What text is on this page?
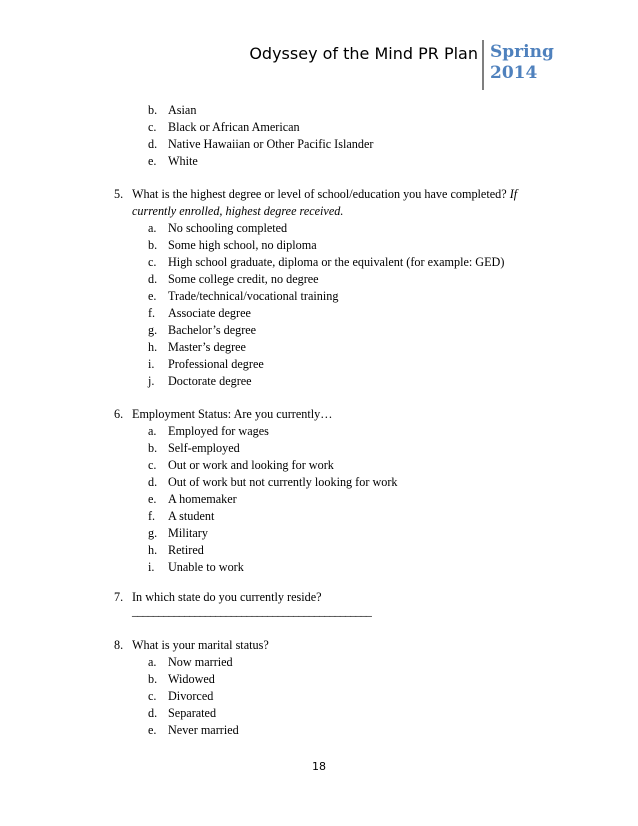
Odyssey of the Mind PR Plan Spring
2014
b. Asian
c. Black or African American
d. Native Hawaiian or Other Pacific Islander
e. White
5. What is the highest degree or level of school/education you have completed? If
currently enrolled, highest degree received.
a. No schooling completed
b. Some high school, no diploma
c. High school graduate, diploma or the equivalent (for example: GED)
d. Some college credit, no degree
e. Trade/technical/vocational training
f.	Associate degree
g. Bachelor’s degree
h. Master’s degree
i.	Professional degree
j.	Doctorate degree
6. Employment Status: Are you currently…
a. Employed for wages
b. Self-employed
c. Out or work and looking for work
d. Out of work but not currently looking for work
e. A homemaker
f.	A student
g. Military
h. Retired
i.	Unable to work
7. In which state do you currently reside?
______________________________________________
8. What is your marital status?
a. Now married
b. Widowed
c. Divorced
d. Separated
e. Never married
18
